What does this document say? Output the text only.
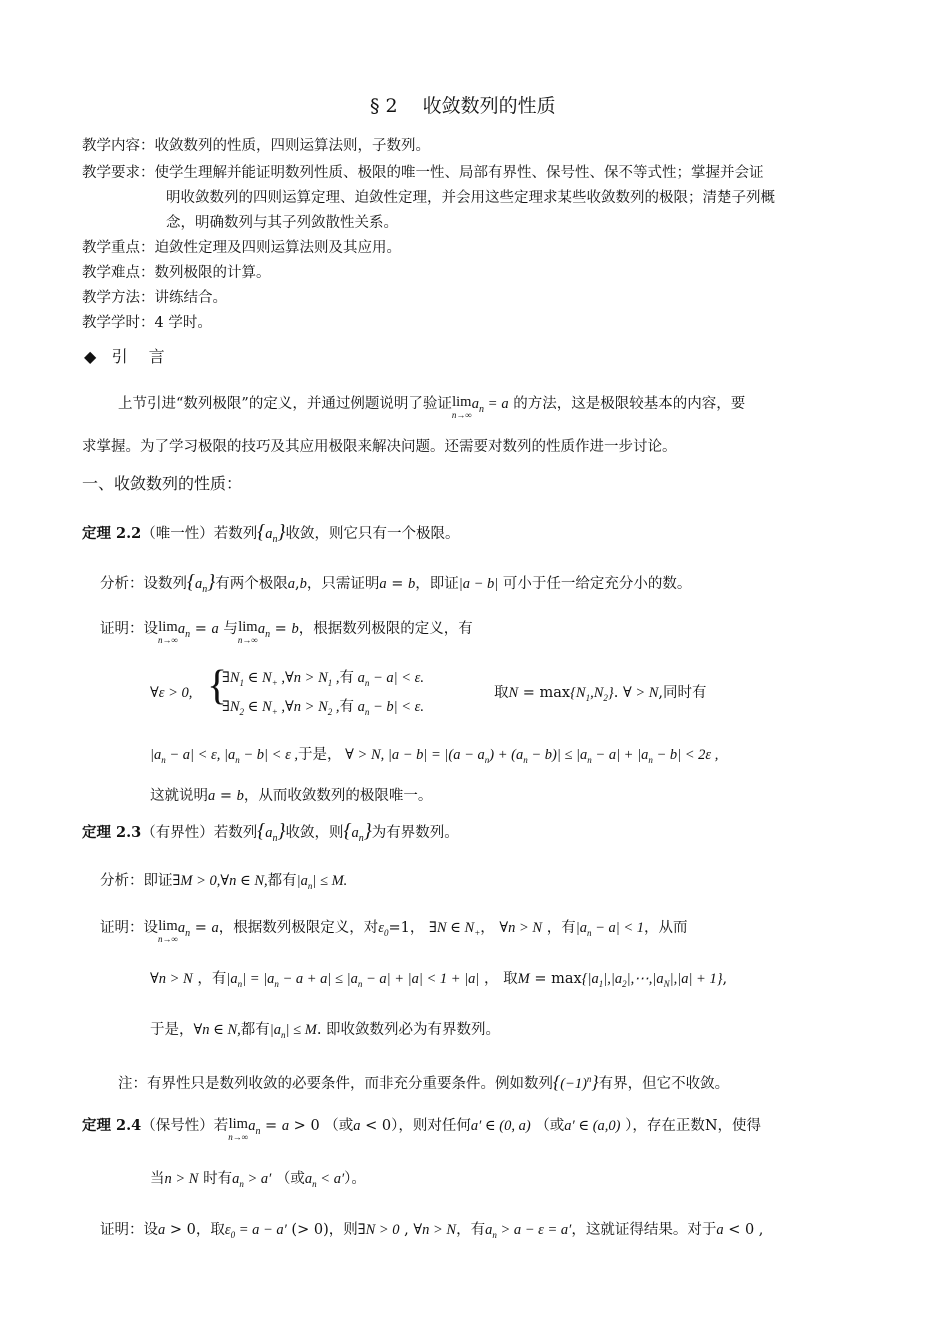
§ 2　 收敛数列的性质
教学内容：收敛数列的性质，四则运算法则，子数列。
教学要求：使学生理解并能证明数列性质、极限的唯一性、局部有界性、保号性、保不等式性；掌握并会证
明收敛数列的四则运算定理、迫敛性定理，并会用这些定理求某些收敛数列的极限；清楚子列概
念，明确数列与其子列敛散性关系。
教学重点：迫敛性定理及四则运算法则及其应用。
教学难点：数列极限的计算。
教学方法：讲练结合。
教学学时：4 学时。
◆ 引 言
上节引进“数列极限”的定义，并通过例题说明了验证lim
n→∞
$a_n = a$ 的方法，这是极限较基本的内容，要
求掌握。为了学习极限的技巧及其应用极限来解决问题。还需要对数列的性质作进一步讨论。
一、收敛数列的性质：
定理 2.2（唯一性）若数列$\{a_n\}$收敛，则它只有一个极限。
分析：设数列$\{a_n\}$有两个极限a,b，只需证明a = b，即证|a − b| 可小于任一给定充分小的数。
证明：设lim
n→∞
$a_n = a$ 与lim
n→∞
$a_n = b$，根据数列极限的定义，有
∀ε > 0, {
$\exists N_1$ ∈ $N_+$ ,∀n > $N_1$ ,有 $a_n - a| < \varepsilon$.
$\exists N_2$ ∈ $N_+$ ,∀n > $N_2$ ,有 $a_n - b| < \varepsilon$.
取$N = \max\{N_1,N_2\}$. ∀ > N,同时有
$|a_n - a| < \varepsilon$, $|a_n - b| < \varepsilon$ ,于是， ∀ > N, $|a - b| = |(a - a_n) + (a_n - b)| \le |a_n - a| + |a_n - b| < 2\varepsilon$ ,
这就说明a = b，从而收敛数列的极限唯一。
定理 2.3（有界性）若数列$\{a_n\}$收敛，则$\{a_n\}$为有界数列。
分析：即证∃M > 0,∀n ∈ N,都有$|a_n| \le M$.
证明：设lim
n→∞
$a_n = a$，根据数列极限定义，对$\varepsilon_0=1$， ∃N ∈ $N_+$， ∀n > N ，有$|a_n - a| < 1$，从而
∀n > N ，有$|a_n| = |a_n - a + a| \le |a_n - a| + |a| < 1 + |a|$ ， 取$M = \max\{|a_1|,|a_2|,\cdots,|a_N|,|a| + 1\}$,
于是，∀n ∈ N,都有$|a_n| \le M$. 即收敛数列必为有界数列。
注：有界性只是数列收敛的必要条件，而非充分重要条件。例如数列$\{(-1)^n\}$有界，但它不收敛。
定理 2.4（保号性）若lim
n→∞
$a_n = a > 0$ （或a < 0），则对任何a′ ∈ (0, a) （或a′ ∈ (a,0) ），存在正数N，使得
当n > N 时有$a_n > a'$ （或$a_n < a'$）。
证明：设a > 0，取$\varepsilon_0 = a - a'$ (> 0)，则∃N > 0 , ∀n > N，有$a_n > a - \varepsilon = a'$，这就证得结果。对于a < 0 ,
